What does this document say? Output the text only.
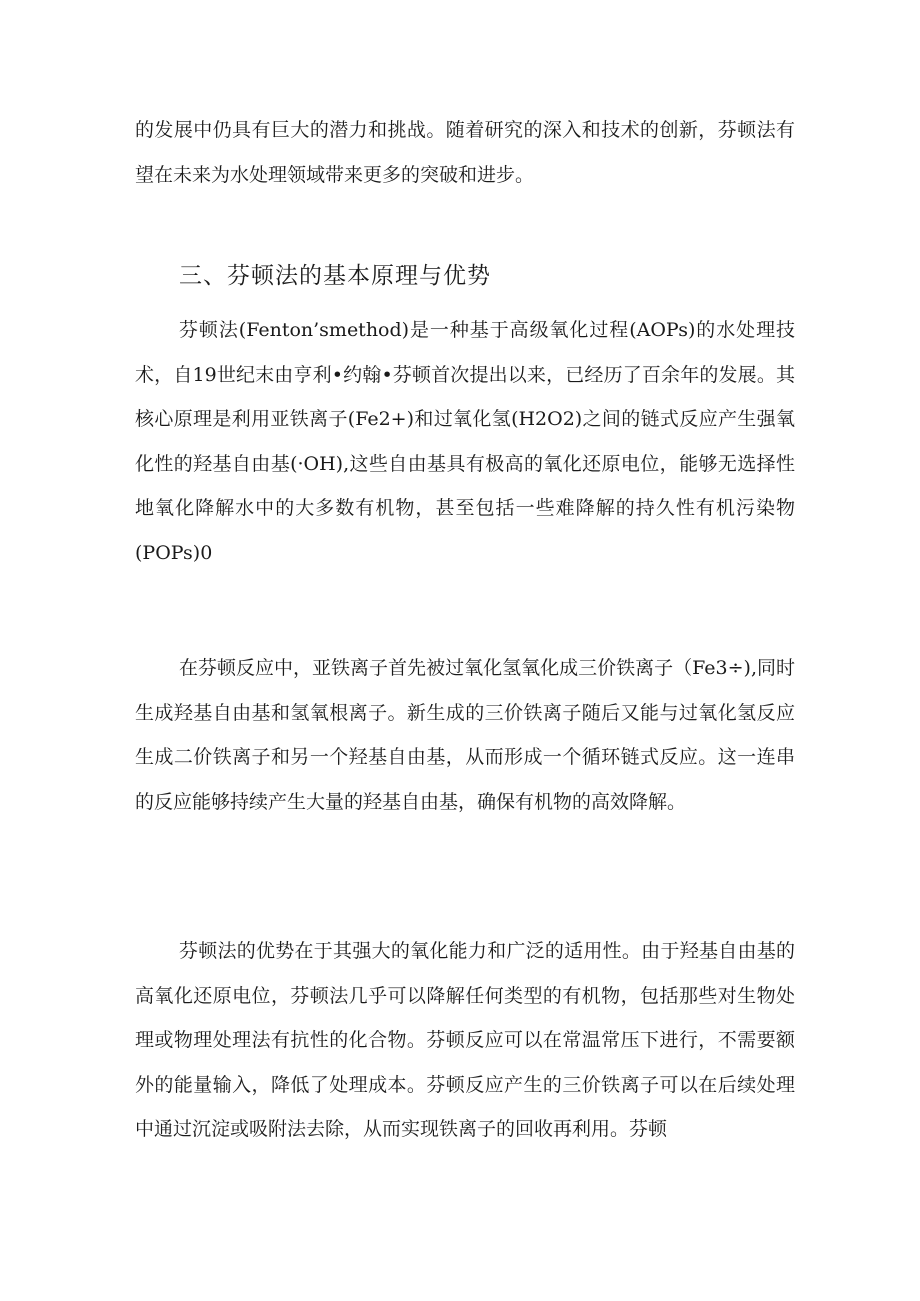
的发展中仍具有巨大的潜力和挑战。随着研究的深入和技术的创新，芬顿法有望在未来为水处理领域带来更多的突破和进步。

三、芬顿法的基本原理与优势

芬顿法(Fenton’smethod)是一种基于高级氧化过程(AOPs)的水处理技术，自19世纪末由亨利•约翰•芬顿首次提出以来，已经历了百余年的发展。其核心原理是利用亚铁离子(Fe2+)和过氧化氢(H2O2)之间的链式反应产生强氧化性的羟基自由基(·OH),这些自由基具有极高的氧化还原电位，能够无选择性地氧化降解水中的大多数有机物，甚至包括一些难降解的持久性有机污染物(POPs)0

在芬顿反应中，亚铁离子首先被过氧化氢氧化成三价铁离子（Fe3÷),同时生成羟基自由基和氢氧根离子。新生成的三价铁离子随后又能与过氧化氢反应生成二价铁离子和另一个羟基自由基，从而形成一个循环链式反应。这一连串的反应能够持续产生大量的羟基自由基，确保有机物的高效降解。

芬顿法的优势在于其强大的氧化能力和广泛的适用性。由于羟基自由基的高氧化还原电位，芬顿法几乎可以降解任何类型的有机物，包括那些对生物处理或物理处理法有抗性的化合物。芬顿反应可以在常温常压下进行，不需要额外的能量输入，降低了处理成本。芬顿反应产生的三价铁离子可以在后续处理中通过沉淀或吸附法去除，从而实现铁离子的回收再利用。芬顿
